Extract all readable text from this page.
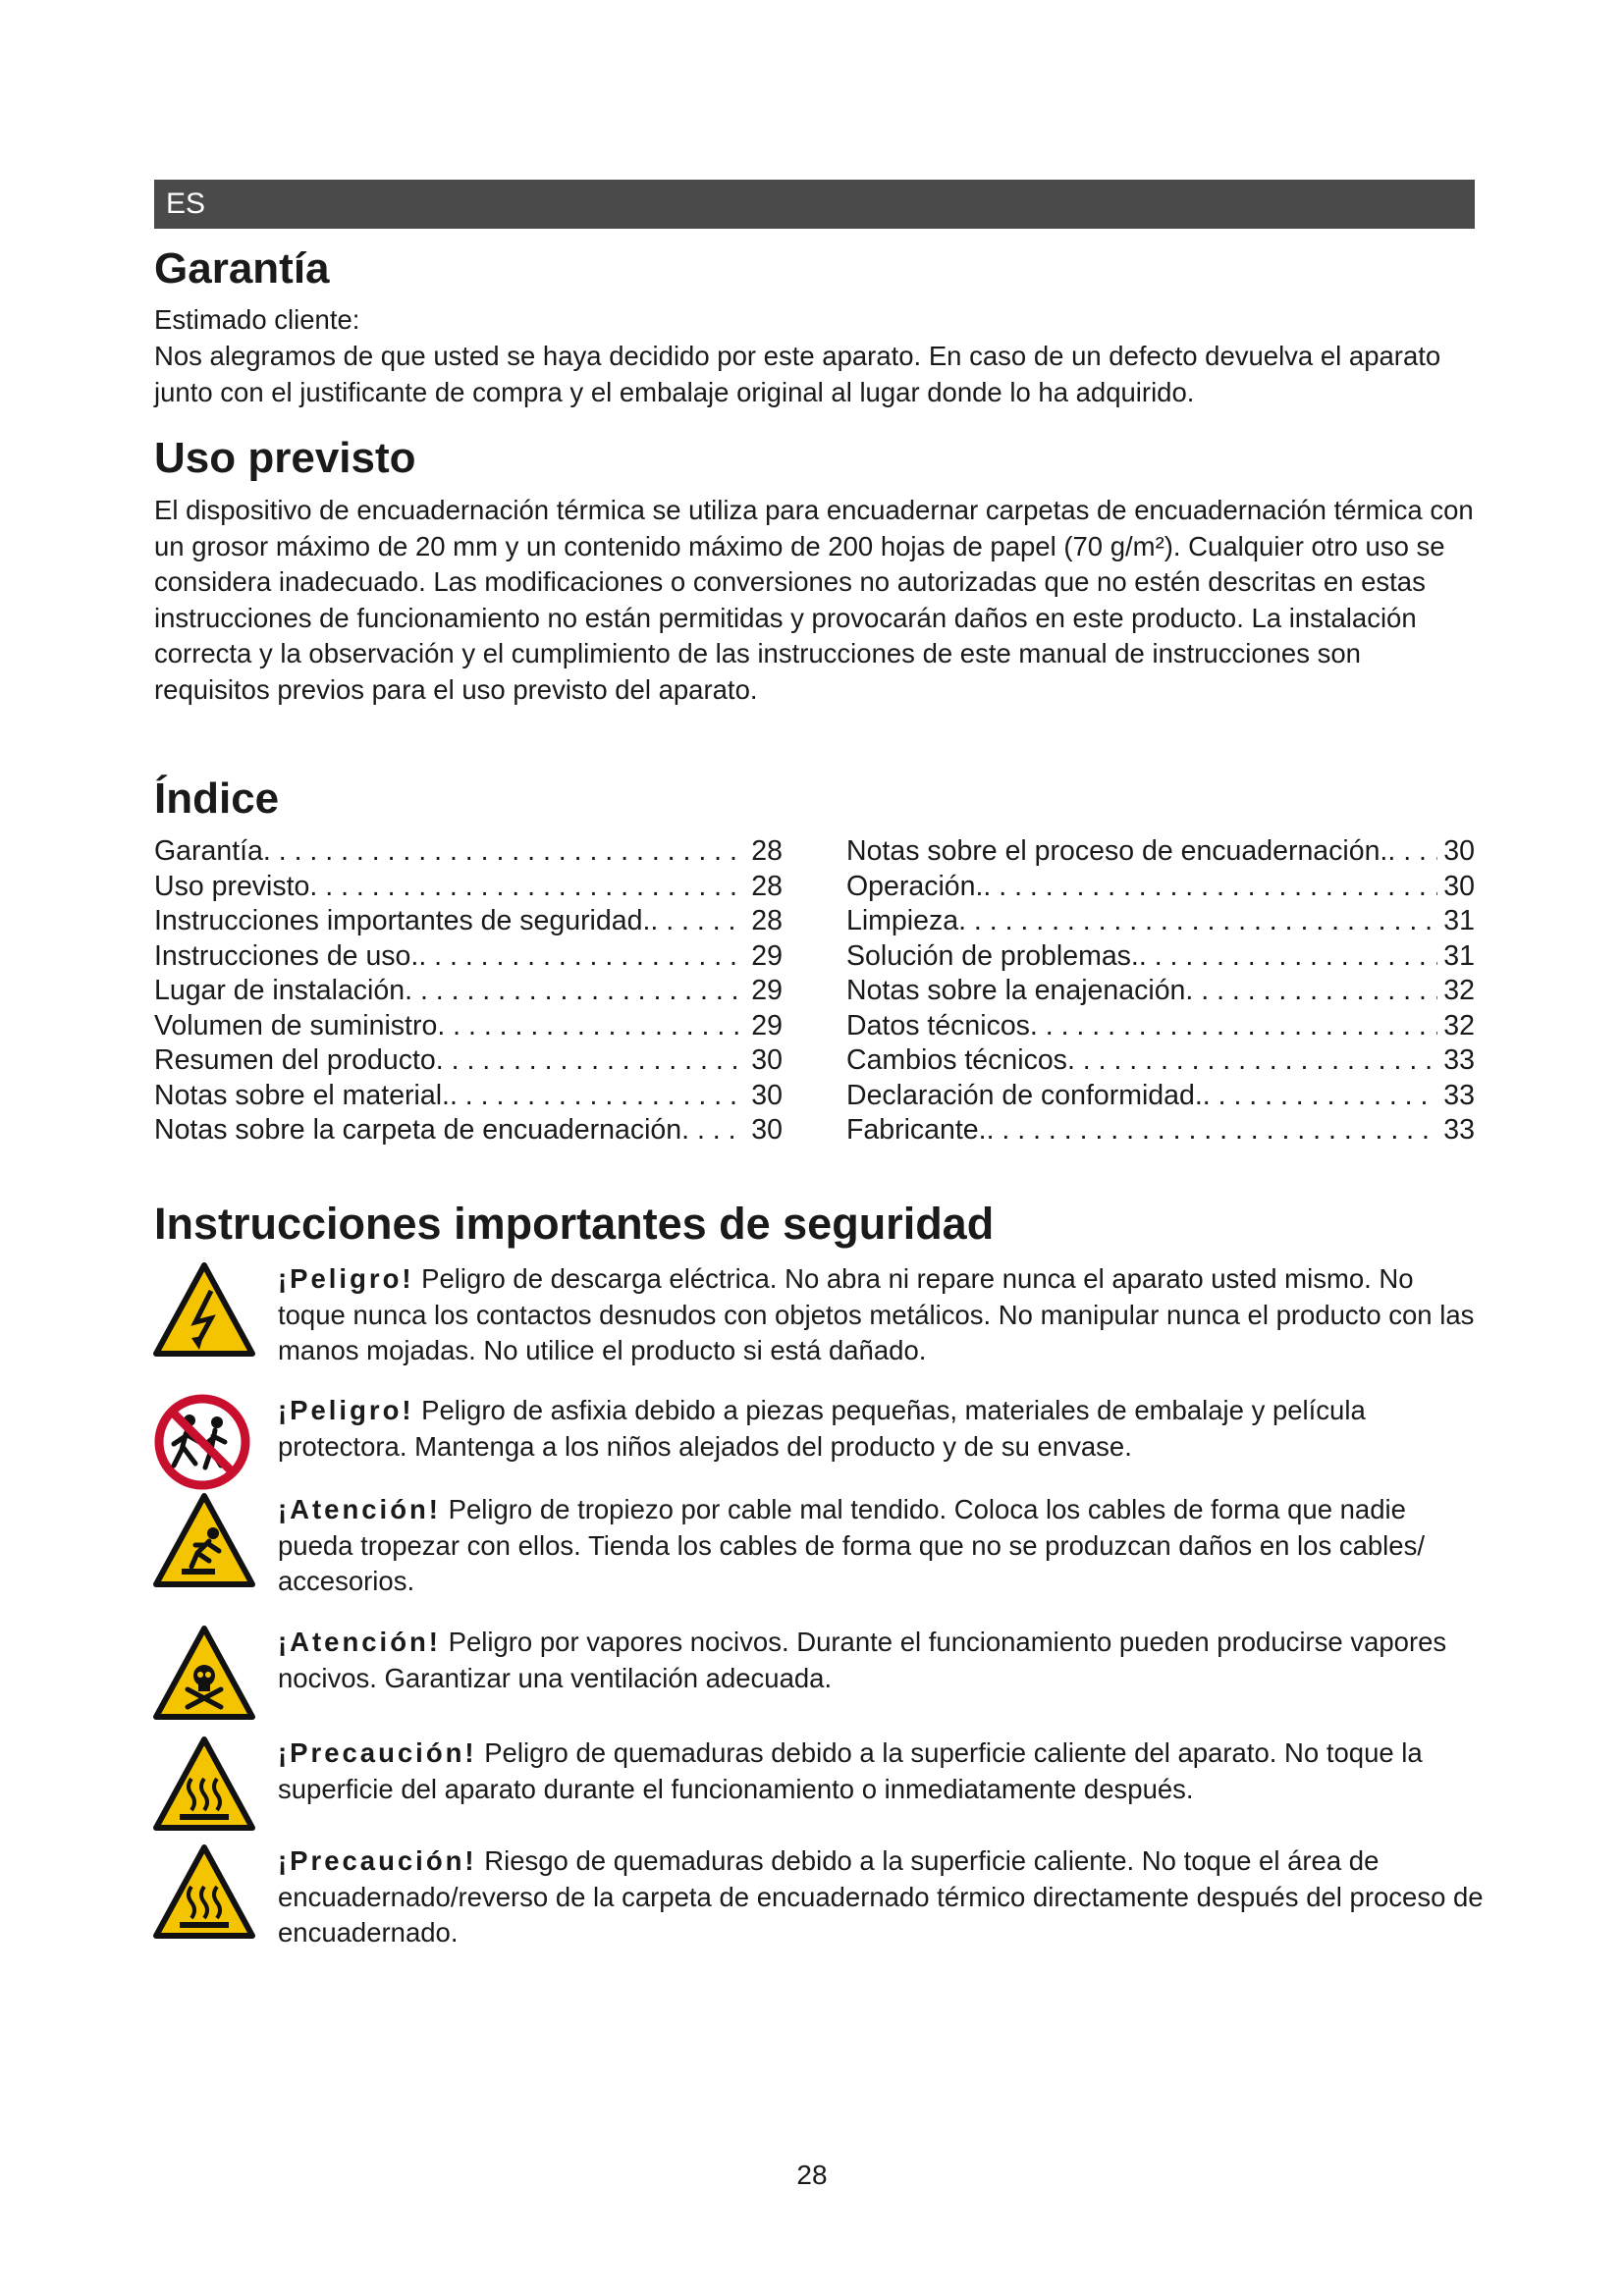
ES
Garantía

Estimado cliente:

Nos alegramos de que usted se haya decidido por este aparato. En caso de un defecto devuelva el aparato junto con el justificante de compra y el embalaje original al lugar donde lo ha adquirido.

Uso previsto

El dispositivo de encuadernación térmica se utiliza para encuadernar carpetas de encuadernación térmica con un grosor máximo de 20 mm y un contenido máximo de 200 hojas de papel (70 g/m²). Cualquier otro uso se considera inadecuado. Las modificaciones o conversiones no autorizadas que no estén descritas en estas instrucciones de funcionamiento no están permitidas y provocarán daños en este producto. La instalación correcta y la observación y el cumplimiento de las instrucciones de este manual de instrucciones son requisitos previos para el uso previsto del aparato.

Índice
Garantía . . .	28
Uso previsto . . .	28
Instrucciones importantes de seguridad. . . .	28
Instrucciones de uso. . . .	29
Lugar de instalación . . .	29
Volumen de suministro . . .	29
Resumen del producto . . .	30
Notas sobre el material. . . .	30
Notas sobre la carpeta de encuadernación . . . 30
Notas sobre el proceso de encuadernación. . . . 30
Operación. . . .	30
Limpieza . . .	31
Solución de problemas. . . .	31
Notas sobre la enajenación . . .	32
Datos técnicos . . .	32
Cambios técnicos . . .	33
Declaración de conformidad. . . .	33
Fabricante. . . .	33
Instrucciones importantes de seguridad
¡Peligro! Peligro de descarga eléctrica. No abra ni repare nunca el aparato usted mismo. No toque nunca los contactos desnudos con objetos metálicos. No manipular nunca el producto con las manos mojadas. No utilice el producto si está dañado.
¡Peligro! Peligro de asfixia debido a piezas pequeñas, materiales de embalaje y película protectora. Mantenga a los niños alejados del producto y de su envase.
¡Atención! Peligro de tropiezo por cable mal tendido. Coloca los cables de forma que nadie pueda tropezar con ellos. Tienda los cables de forma que no se produzcan daños en los cables/ accesorios.
¡Atención! Peligro por vapores nocivos. Durante el funcionamiento pueden producirse vapores nocivos. Garantizar una ventilación adecuada.
¡Precaución! Peligro de quemaduras debido a la superficie caliente del aparato. No toque la superficie del aparato durante el funcionamiento o inmediatamente después.
¡Precaución! Riesgo de quemaduras debido a la superficie caliente. No toque el área de encuadernado/reverso de la carpeta de encuadernado térmico directamente después del proceso de encuadernado.
28
